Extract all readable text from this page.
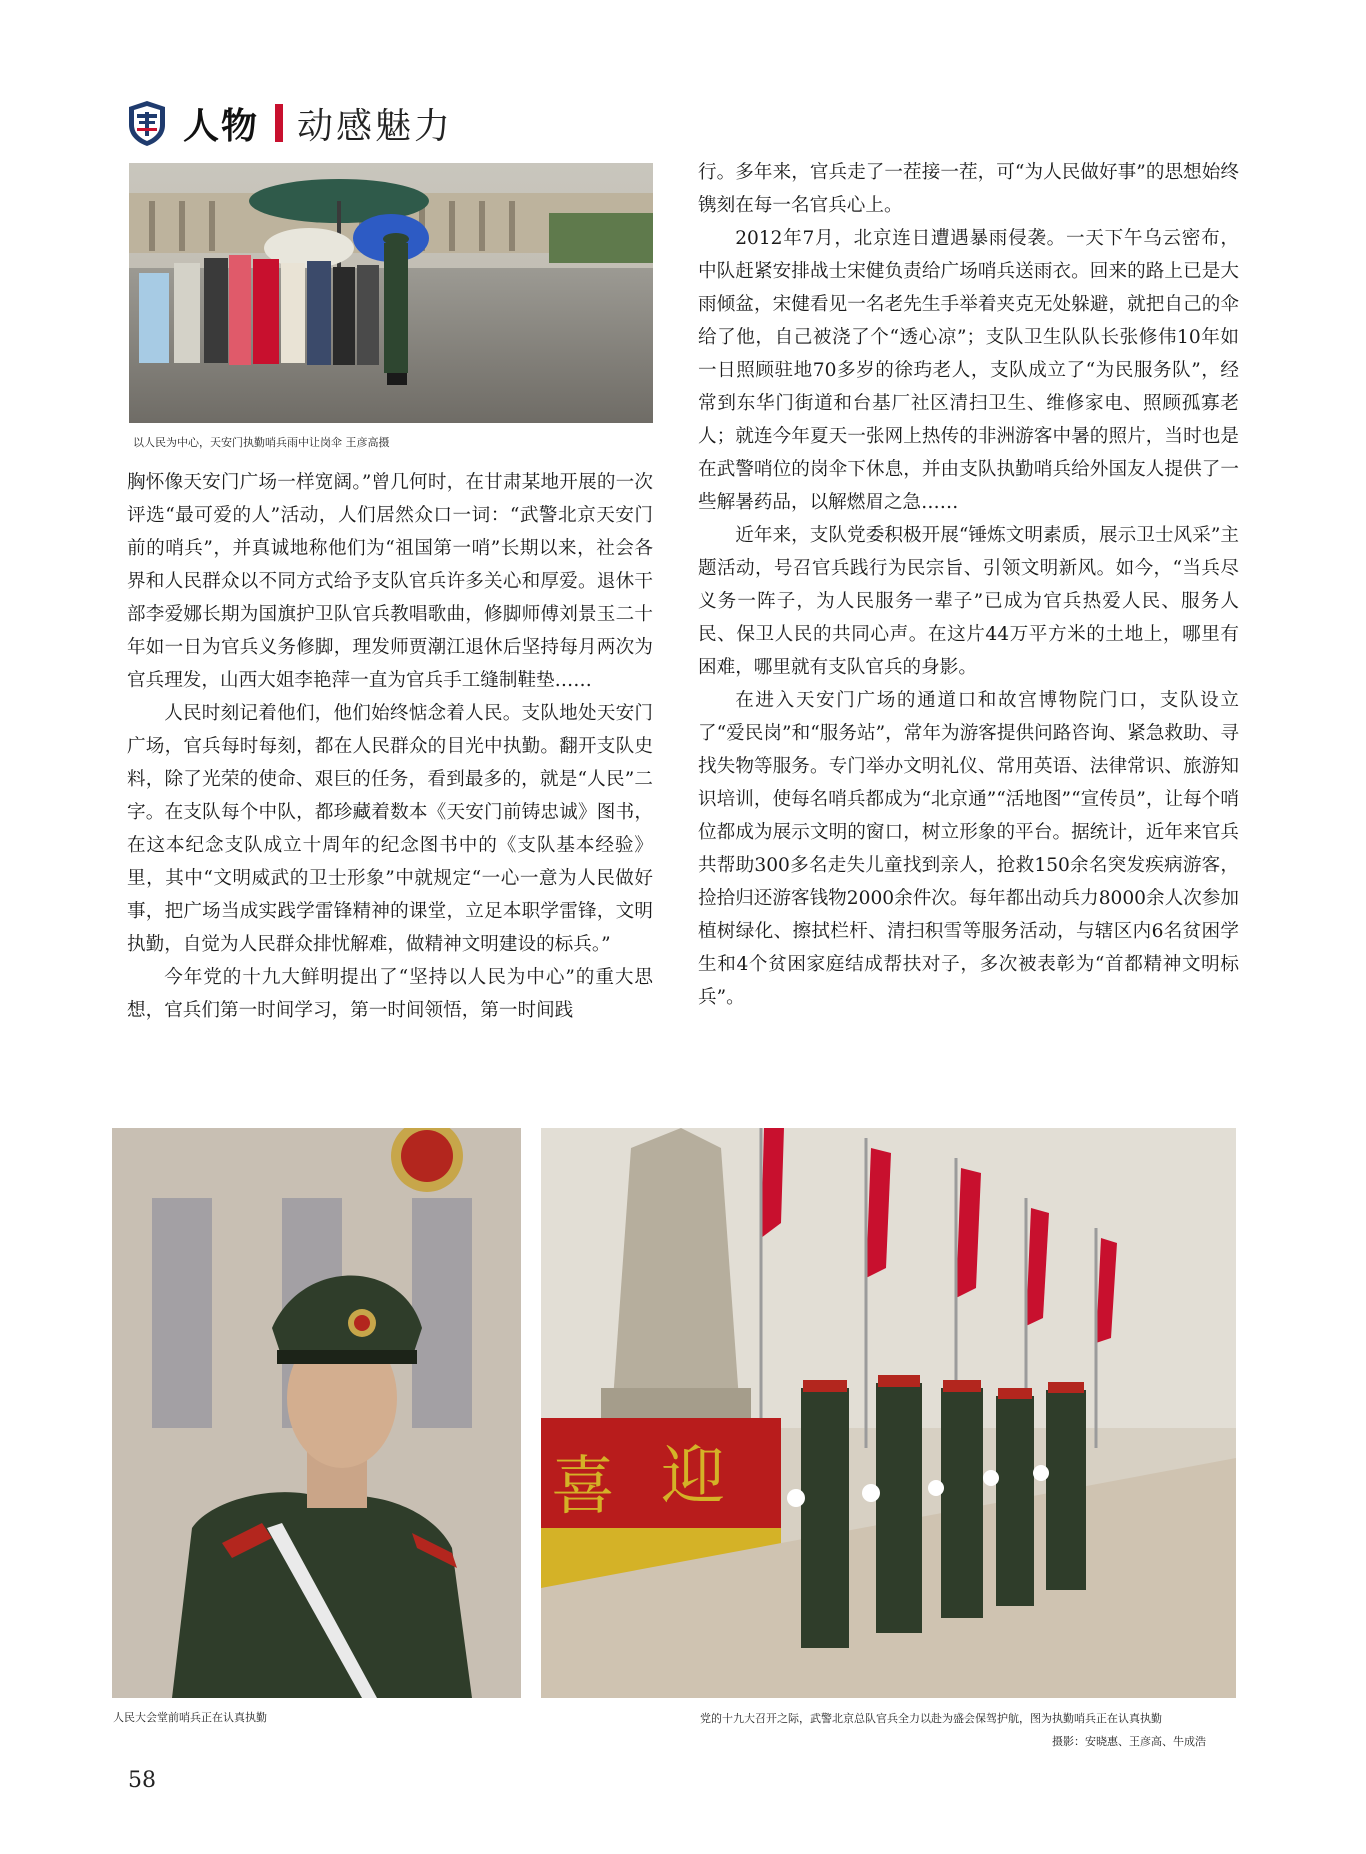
人物 动感魅力
以人民为中心，天安门执勤哨兵雨中让岗伞 王彦高摄

胸怀像天安门广场一样宽阔。”曾几何时，在甘肃某地开展的一次评选“最可爱的人”活动，人们居然众口一词：“武警北京天安门前的哨兵”，并真诚地称他们为“祖国第一哨”长期以来，社会各界和人民群众以不同方式给予支队官兵许多关心和厚爱。退休干部李爱娜长期为国旗护卫队官兵教唱歌曲，修脚师傅刘景玉二十年如一日为官兵义务修脚，理发师贾潮江退休后坚持每月两次为官兵理发，山西大姐李艳萍一直为官兵手工缝制鞋垫……

人民时刻记着他们，他们始终惦念着人民。支队地处天安门广场，官兵每时每刻，都在人民群众的目光中执勤。翻开支队史料，除了光荣的使命、艰巨的任务，看到最多的，就是“人民”二字。在支队每个中队，都珍藏着数本《天安门前铸忠诚》图书，在这本纪念支队成立十周年的纪念图书中的《支队基本经验》里，其中“文明威武的卫士形象”中就规定“一心一意为人民做好事，把广场当成实践学雷锋精神的课堂，立足本职学雷锋，文明执勤，自觉为人民群众排忧解难，做精神文明建设的标兵。”

今年党的十九大鲜明提出了“坚持以人民为中心”的重大思想，官兵们第一时间学习，第一时间领悟，第一时间践

行。多年来，官兵走了一茬接一茬，可“为人民做好事”的思想始终镌刻在每一名官兵心上。

2012年7月，北京连日遭遇暴雨侵袭。一天下午乌云密布，中队赶紧安排战士宋健负责给广场哨兵送雨衣。回来的路上已是大雨倾盆，宋健看见一名老先生手举着夹克无处躲避，就把自己的伞给了他，自己被浇了个“透心凉”；支队卫生队队长张修伟10年如一日照顾驻地70多岁的徐玙老人，支队成立了“为民服务队”，经常到东华门街道和台基厂社区清扫卫生、维修家电、照顾孤寡老人；就连今年夏天一张网上热传的非洲游客中暑的照片，当时也是在武警哨位的岗伞下休息，并由支队执勤哨兵给外国友人提供了一些解暑药品，以解燃眉之急……

近年来，支队党委积极开展“锤炼文明素质，展示卫士风采”主题活动，号召官兵践行为民宗旨、引领文明新风。如今，“当兵尽义务一阵子，为人民服务一辈子”已成为官兵热爱人民、服务人民、保卫人民的共同心声。在这片44万平方米的土地上，哪里有困难，哪里就有支队官兵的身影。

在进入天安门广场的通道口和故宫博物院门口，支队设立了“爱民岗”和“服务站”，常年为游客提供问路咨询、紧急救助、寻找失物等服务。专门举办文明礼仪、常用英语、法律常识、旅游知识培训，使每名哨兵都成为“北京通”“活地图”“宣传员”，让每个哨位都成为展示文明的窗口，树立形象的平台。据统计，近年来官兵共帮助300多名走失儿童找到亲人，抢救150余名突发疾病游客，捡拾归还游客钱物2000余件次。每年都出动兵力8000余人次参加植树绿化、擦拭栏杆、清扫积雪等服务活动，与辖区内6名贫困学生和4个贫困家庭结成帮扶对子，多次被表彰为“首都精神文明标兵”。

人民大会堂前哨兵正在认真执勤
喜 迎
党的十九大召开之际，武警北京总队官兵全力以赴为盛会保驾护航，图为执勤哨兵正在认真执勤
摄影：安晓惠、王彦高、牛成浩
58
